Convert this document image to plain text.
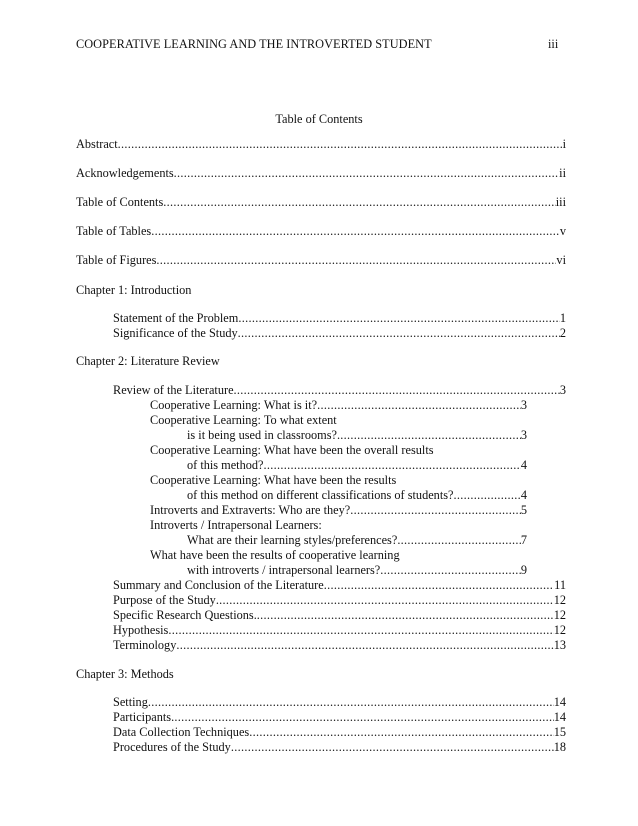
COOPERATIVE LEARNING AND THE INTROVERTED STUDENT	iii
Table of Contents
Abstract .....	i
Acknowledgements .....	ii
Table of Contents .....	iii
Table of Tables .....	v
Table of Figures .....	vi
Chapter 1: Introduction
Statement of the Problem .....	1
Significance of the Study .....	2
Chapter 2: Literature Review
Review of the Literature .....	3
Cooperative Learning: What is it? .....	3
Cooperative Learning: To what extent
is it being used in classrooms? .....	3
Cooperative Learning: What have been the overall results
of this method? .....	4
Cooperative Learning: What have been the results
of this method on different classifications of students? .....	4
Introverts and Extraverts: Who are they? .....	5
Introverts / Intrapersonal Learners:
What are their learning styles/preferences? .....	7
What have been the results of cooperative learning
with introverts / intrapersonal learners? .....	9
Summary and Conclusion of the Literature .....	11
Purpose of the Study .....	12
Specific Research Questions. .....	12
Hypothesis .....	12
Terminology .....	13
Chapter 3: Methods
Setting .....	14
Participants .....	14
Data Collection Techniques .....	15
Procedures of the Study .....	18
